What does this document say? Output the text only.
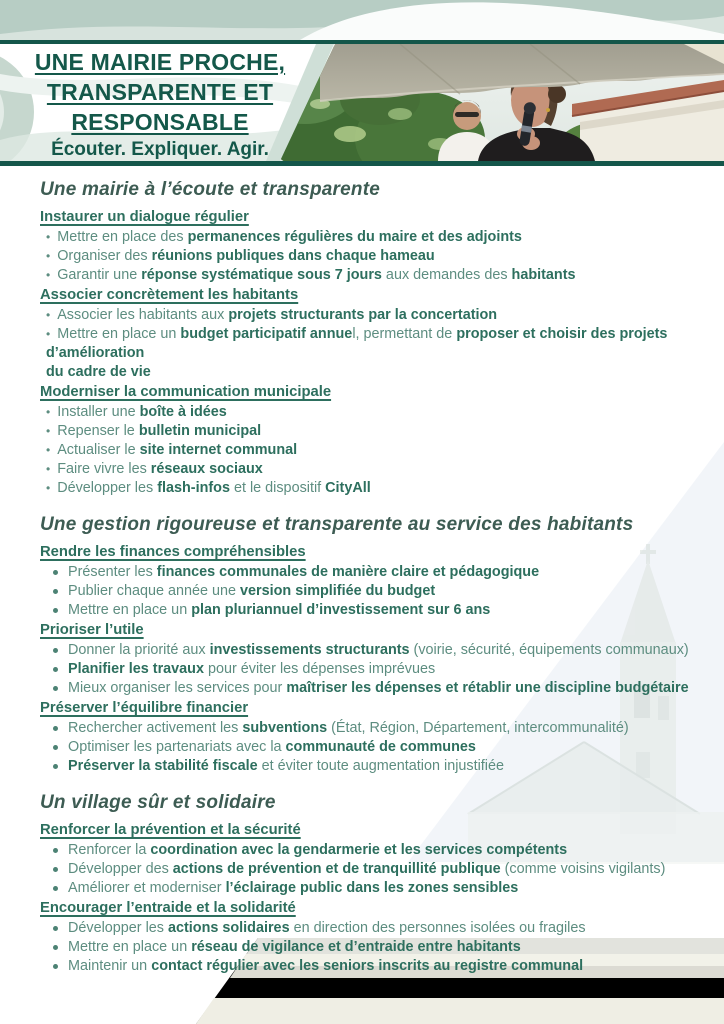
UNE MAIRIE PROCHE,
TRANSPARENTE ET
RESPONSABLE
Écouter. Expliquer. Agir.
Une mairie à l’écoute et transparente
Instaurer un dialogue régulier
• Mettre en place des permanences régulières du maire et des adjoints
• Organiser des réunions publiques dans chaque hameau
• Garantir une réponse systématique sous 7 jours aux demandes des habitants
Associer concrètement les habitants
• Associer les habitants aux projets structurants par la concertation
• Mettre en place un budget participatif annuel, permettant de proposer et choisir des projets d’amélioration
du cadre de vie
Moderniser la communication municipale
• Installer une boîte à idées
• Repenser le bulletin municipal
• Actualiser le site internet communal
• Faire vivre les réseaux sociaux
• Développer les flash-infos et le dispositif CityAll
Une gestion rigoureuse et transparente au service des habitants
Rendre les finances compréhensibles
Présenter les finances communales de manière claire et pédagogique
Publier chaque année une version simplifiée du budget
Mettre en place un plan pluriannuel d’investissement sur 6 ans
Prioriser l’utile
Donner la priorité aux investissements structurants (voirie, sécurité, équipements communaux)
Planifier les travaux pour éviter les dépenses imprévues
Mieux organiser les services pour maîtriser les dépenses et rétablir une discipline budgétaire
Préserver l’équilibre financier
Rechercher activement les subventions (État, Région, Département, intercommunalité)
Optimiser les partenariats avec la communauté de communes
Préserver la stabilité fiscale et éviter toute augmentation injustifiée
Un village sûr et solidaire
Renforcer la prévention et la sécurité
Renforcer la coordination avec la gendarmerie et les services compétents
Développer des actions de prévention et de tranquillité publique (comme voisins vigilants)
Améliorer et moderniser l’éclairage public dans les zones sensibles
Encourager l’entraide et la solidarité
Développer les actions solidaires en direction des personnes isolées ou fragiles
Mettre en place un réseau de vigilance et d’entraide entre habitants
Maintenir un contact régulier avec les seniors inscrits au registre communal
